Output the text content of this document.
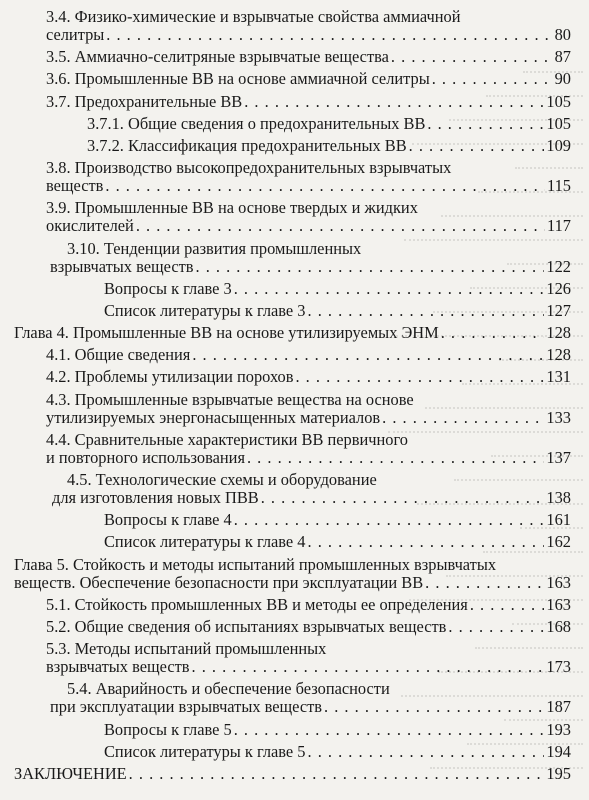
3.4. Физико-химические и взрывчатые свойства аммиачной
селитры . . .	80
3.5. Аммиачно-селитряные взрывчатые вещества . . .	87
3.6. Промышленные ВВ на основе аммиачной селитры . . .	90
3.7. Предохранительные ВВ . . .	105
3.7.1. Общие сведения о предохранительных ВВ . . .	105
3.7.2. Классификация предохранительных ВВ . . .	109
3.8. Производство высокопредохранительных взрывчатых
веществ . . .	115
3.9. Промышленные ВВ на основе твердых и жидких
окислителей . . .	117
3.10. Тенденции развития промышленных
взрывчатых веществ . . .	122
Вопросы к главе 3 . . .	126
Список литературы к главе 3 . . .	127
Глава 4. Промышленные ВВ на основе утилизируемых ЭНМ . . .	128
4.1. Общие сведения . . .	128
4.2. Проблемы утилизации порохов . . .	131
4.3. Промышленные взрывчатые вещества на основе
утилизируемых энергонасыщенных материалов . . .	133
4.4. Сравнительные характеристики ВВ первичного
и повторного использования . . .	137
4.5. Технологические схемы и оборудование
для изготовления новых ПВВ . . .	138
Вопросы к главе 4 . . .	161
Список литературы к главе 4 . . .	162
Глава 5. Стойкость и методы испытаний промышленных взрывчатых
веществ. Обеспечение безопасности при эксплуатации ВВ . . .	163
5.1. Стойкость промышленных ВВ и методы ее определения . . .	163
5.2. Общие сведения об испытаниях взрывчатых веществ . . .	168
5.3. Методы испытаний промышленных
взрывчатых веществ . . .	173
5.4. Аварийность и обеспечение безопасности
при эксплуатации взрывчатых веществ . . .	187
Вопросы к главе 5 . . .	193
Список литературы к главе 5 . . .	194
ЗАКЛЮЧЕНИЕ . . .	195
